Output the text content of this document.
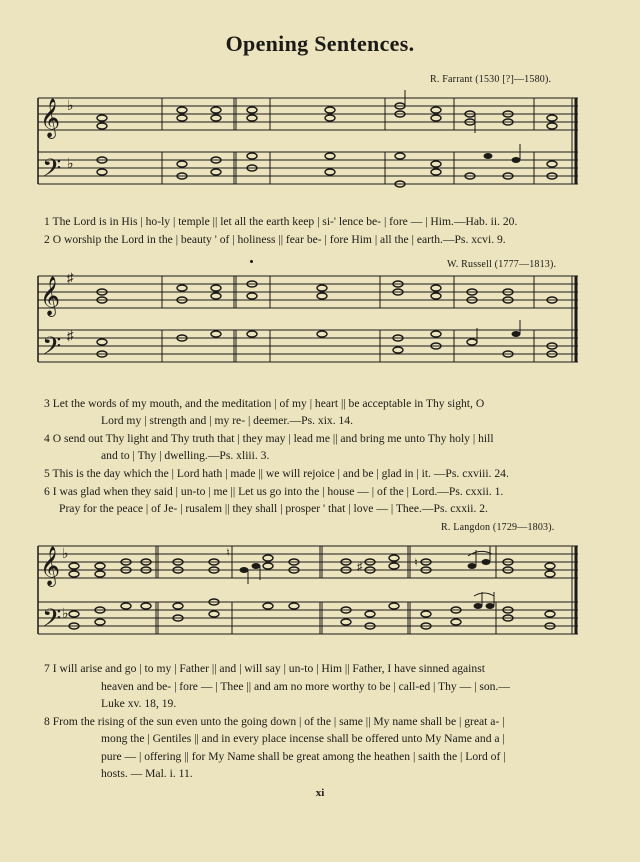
Opening Sentences.
R. Farrant (1530 [?]—1580).
𝄞
𝄢
♭
♭
1 The Lord is in His | ho-ly | temple || let all the earth keep | si-' lence be- | fore — | Him.—Hab. ii. 20.
2 O worship the Lord in the | beauty ' of | holiness || fear be- | fore Him | all the | earth.—Ps. xcvi. 9.
W. Russell (1777—1813).
𝄞
𝄢
♯
♯
3 Let the words of my mouth, and the meditation | of my | heart || be acceptable in Thy sight, O
Lord my | strength and | my re- | deemer.—Ps. xix. 14.
4 O send out Thy light and Thy truth that | they may | lead me || and bring me unto Thy holy | hill
and to | Thy | dwelling.—Ps. xliii. 3.
5 This is the day which the | Lord hath | made || we will rejoice | and be | glad in | it. —Ps. cxviii. 24.
6 I was glad when they said | un-to | me || Let us go into the | house — | of the | Lord.—Ps. cxxii. 1.
Pray for the peace | of Je- | rusalem || they shall | prosper ' that | love — | Thee.—Ps. cxxii. 2.
R. Langdon (1729—1803).
𝄞
𝄢
♭
♭
♮
♯	♮
7 I will arise and go | to my | Father || and | will say | un-to | Him || Father, I have sinned against
heaven and be- | fore — | Thee || and am no more worthy to be | call-ed | Thy — | son.—
Luke xv. 18, 19.
8 From the rising of the sun even unto the going down | of the | same || My name shall be | great a- |
mong the | Gentiles || and in every place incense shall be offered unto My Name and a |
pure — | offering || for My Name shall be great among the heathen | saith the | Lord of |
hosts. — Mal. i. 11.
xi
